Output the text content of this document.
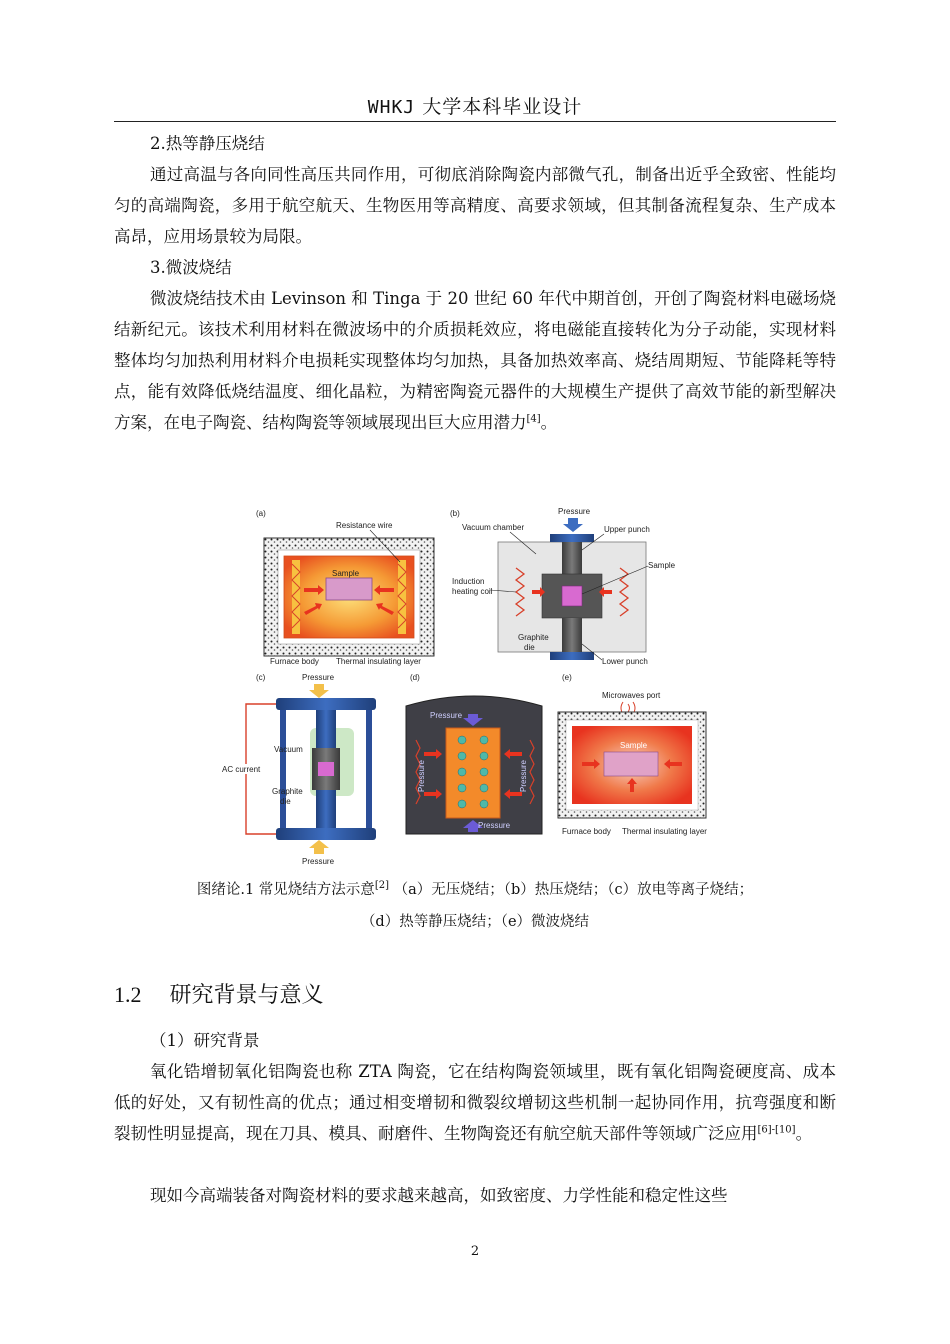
WHKJ 大学本科毕业设计

2.热等静压烧结

通过高温与各向同性高压共同作用，可彻底消除陶瓷内部微气孔，制备出近乎全致密、性能均匀的高端陶瓷，多用于航空航天、生物医用等高精度、高要求领域，但其制备流程复杂、生产成本高昂，应用场景较为局限。

3.微波烧结

微波烧结技术由 Levinson 和 Tinga 于 20 世纪 60 年代中期首创，开创了陶瓷材料电磁场烧结新纪元。该技术利用材料在微波场中的介质损耗效应，将电磁能直接转化为分子动能，实现材料整体均匀加热利用材料介电损耗实现整体均匀加热，具备加热效率高、烧结周期短、节能降耗等特点，能有效降低烧结温度、细化晶粒，为精密陶瓷元器件的大规模生产提供了高效节能的新型解决方案，在电子陶瓷、结构陶瓷等领域展现出巨大应用潜力[4]。

(a)
Sample
Resistance wire
Furnace body Thermal insulating layer
(b)	Pressure
Vacuum chamber	Upper punch
Sample
Induction
heating coil
Graphite
die
Lower punch
(c)	Pressure
Pressure
AC current
Vacuum
Graphite
die
(d)
Pressure
Pressure
Pressure	Pressure
(e)
Microwaves port
Sample
Furnace body Thermal insulating layer
图绪论.1 常见烧结方法示意[2] （a）无压烧结；（b）热压烧结；（c）放电等离子烧结；
（d）热等静压烧结；（e）微波烧结
1.2 研究背景与意义

（1）研究背景

氧化锆增韧氧化铝陶瓷也称 ZTA 陶瓷，它在结构陶瓷领域里，既有氧化铝陶瓷硬度高、成本低的好处，又有韧性高的优点；通过相变增韧和微裂纹增韧这些机制一起协同作用，抗弯强度和断裂韧性明显提高，现在刀具、模具、耐磨件、生物陶瓷还有航空航天部件等领域广泛应用[6]-[10]。

现如今高端装备对陶瓷材料的要求越来越高，如致密度、力学性能和稳定性这些

2
